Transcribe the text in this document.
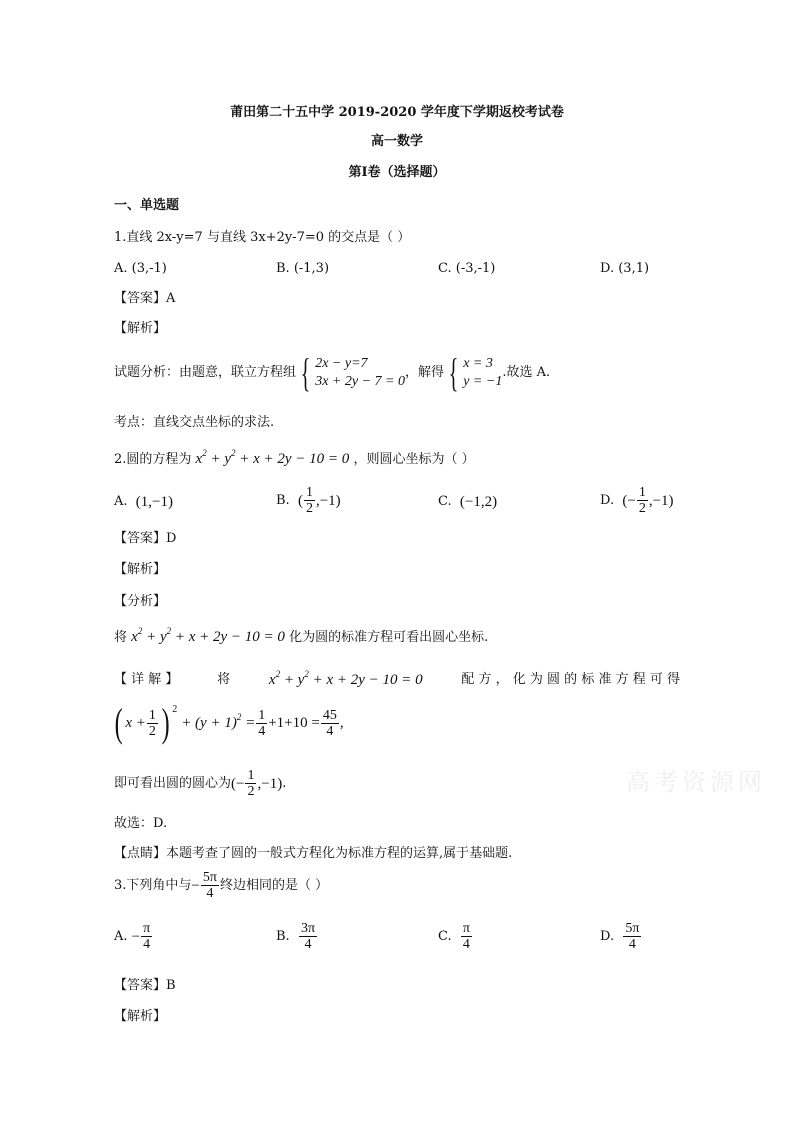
莆田第二十五中学 2019-2020 学年度下学期返校考试卷
高一数学
第Ⅰ卷（选择题）
一、单选题
1.直线 2x-y=7 与直线 3x+2y-7=0 的交点是（ ）
A. (3,-1)	B. (-1,3)	C. (-3,-1)	D. (3,1)
【答案】A
【解析】
试题分析：由题意，联立方程组 { 2x − y=7
3x + 2y − 7 = 0
，解得 { x = 3
y = −1
.故选 A.
考点：直线交点坐标的求法.
2.圆的方程为 $x^2 + y^2 + x + 2y - 10 = 0$ ，则圆心坐标为（ ）
A.
(1,−1)	B.
( $\frac{1}{2} ,-1$)	C.
(−1,2)	D.
(− $\frac{1}{2} ,-1$)
【答案】D
【解析】
【分析】
将 $x^2 + y^2 + x + 2y - 10 = 0$ 化为圆的标准方程可看出圆心坐标.
【 详 解 】	将	$x^2 + y^2 + x + 2y - 10 = 0$	配 方 ， 化 为 圆 的 标 准 方 程 可 得
( $x + \frac{1}{2}$ ) 2
+ $(y + 1)^2 = \frac{1}{4} +1+10 = \frac{45}{4}$ ,
即可看出圆的圆心为 (− $\frac{1}{2} ,-1$) .	高考资源网
故选：D.
【点睛】本题考查了圆的一般式方程化为标准方程的运算,属于基础题.
3.下列角中与 − $\frac{5\pi}{4}$ 终边相同的是（ ）
A.
− $\frac{\pi}{4}$	B.
$\frac{3\pi}{4}$	C.
$\frac{\pi}{4}$	D.
$\frac{5\pi}{4}$
【答案】B
【解析】
